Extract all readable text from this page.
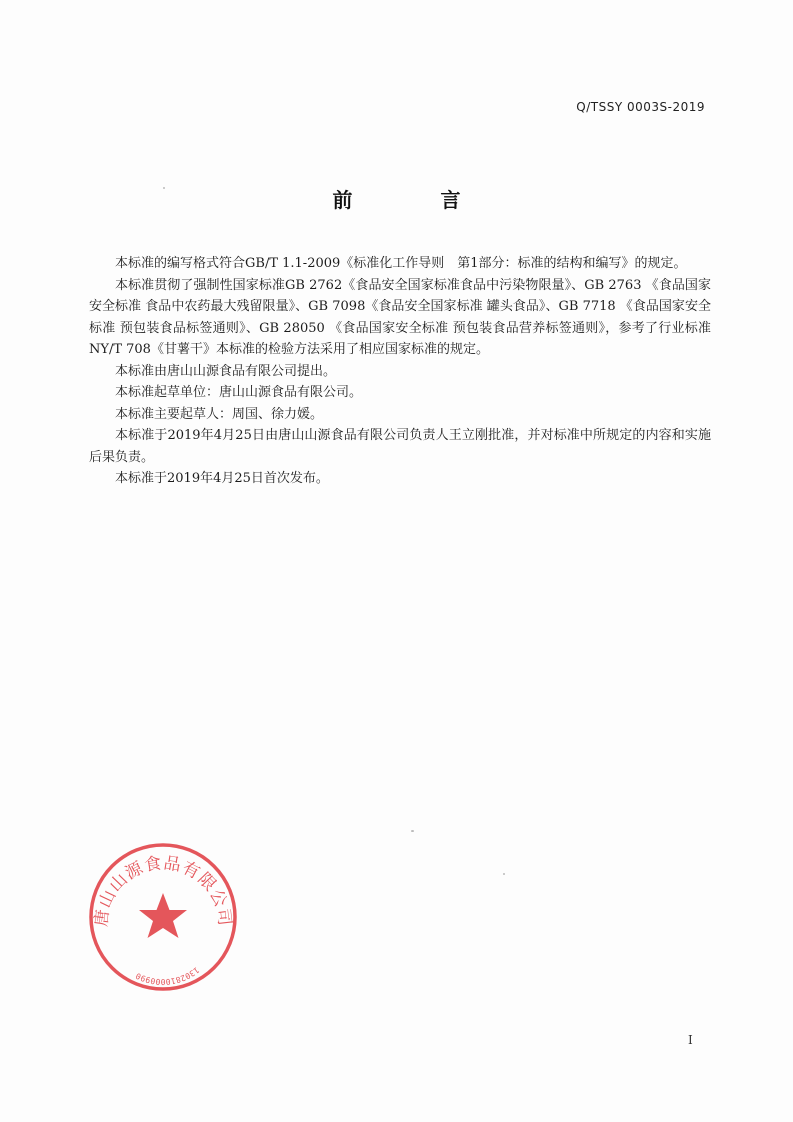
Q/TSSY 0003S-2019
前	言

本标准的编写格式符合GB/T 1.1-2009《标准化工作导则　第1部分：标准的结构和编写》的规定。

本标准贯彻了强制性国家标准GB 2762《食品安全国家标准食品中污染物限量》、GB 2763 《食品国家安全标准 食品中农药最大残留限量》、GB 7098《食品安全国家标准 罐头食品》、GB 7718 《食品国家安全标准 预包装食品标签通则》、GB 28050 《食品国家安全标准 预包装食品营养标签通则》，参考了行业标准 NY/T 708《甘薯干》本标准的检验方法采用了相应国家标准的规定。

本标准由唐山山源食品有限公司提出。

本标准起草单位：唐山山源食品有限公司。

本标准主要起草人：周国、徐力媛。

本标准于2019年4月25日由唐山山源食品有限公司负责人王立刚批准，并对标准中所规定的内容和实施后果负责。

本标准于2019年4月25日首次发布。

唐山山源食品有限公司
1302810000990
I
